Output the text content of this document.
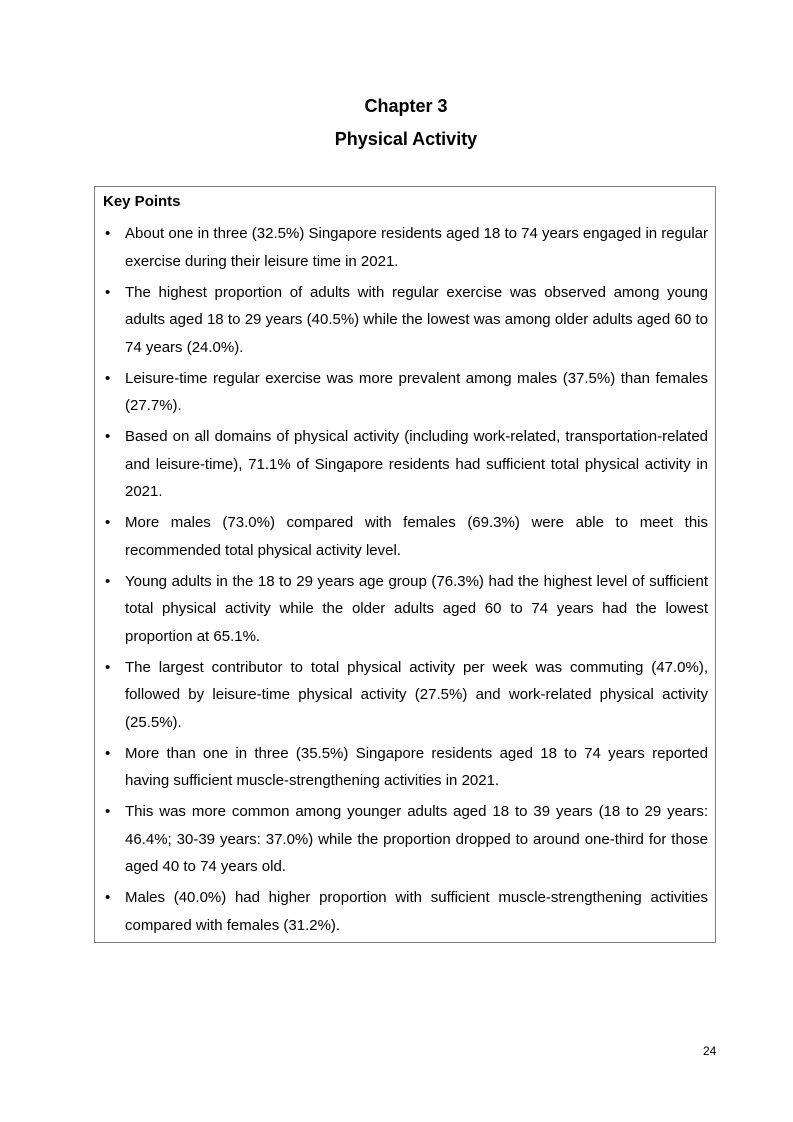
Chapter 3
Physical Activity
Key Points
• About one in three (32.5%) Singapore residents aged 18 to 74 years engaged in regular exercise during their leisure time in 2021.
• The highest proportion of adults with regular exercise was observed among young adults aged 18 to 29 years (40.5%) while the lowest was among older adults aged 60 to 74 years (24.0%).
• Leisure-time regular exercise was more prevalent among males (37.5%) than females (27.7%).
• Based on all domains of physical activity (including work-related, transportation-related and leisure-time), 71.1% of Singapore residents had sufficient total physical activity in 2021.
• More males (73.0%) compared with females (69.3%) were able to meet this recommended total physical activity level.
• Young adults in the 18 to 29 years age group (76.3%) had the highest level of sufficient total physical activity while the older adults aged 60 to 74 years had the lowest proportion at 65.1%.
• The largest contributor to total physical activity per week was commuting (47.0%), followed by leisure-time physical activity (27.5%) and work-related physical activity (25.5%).
• More than one in three (35.5%) Singapore residents aged 18 to 74 years reported having sufficient muscle-strengthening activities in 2021.
• This was more common among younger adults aged 18 to 39 years (18 to 29 years: 46.4%; 30-39 years: 37.0%) while the proportion dropped to around one-third for those aged 40 to 74 years old.
• Males (40.0%) had higher proportion with sufficient muscle-strengthening activities compared with females (31.2%).
24
